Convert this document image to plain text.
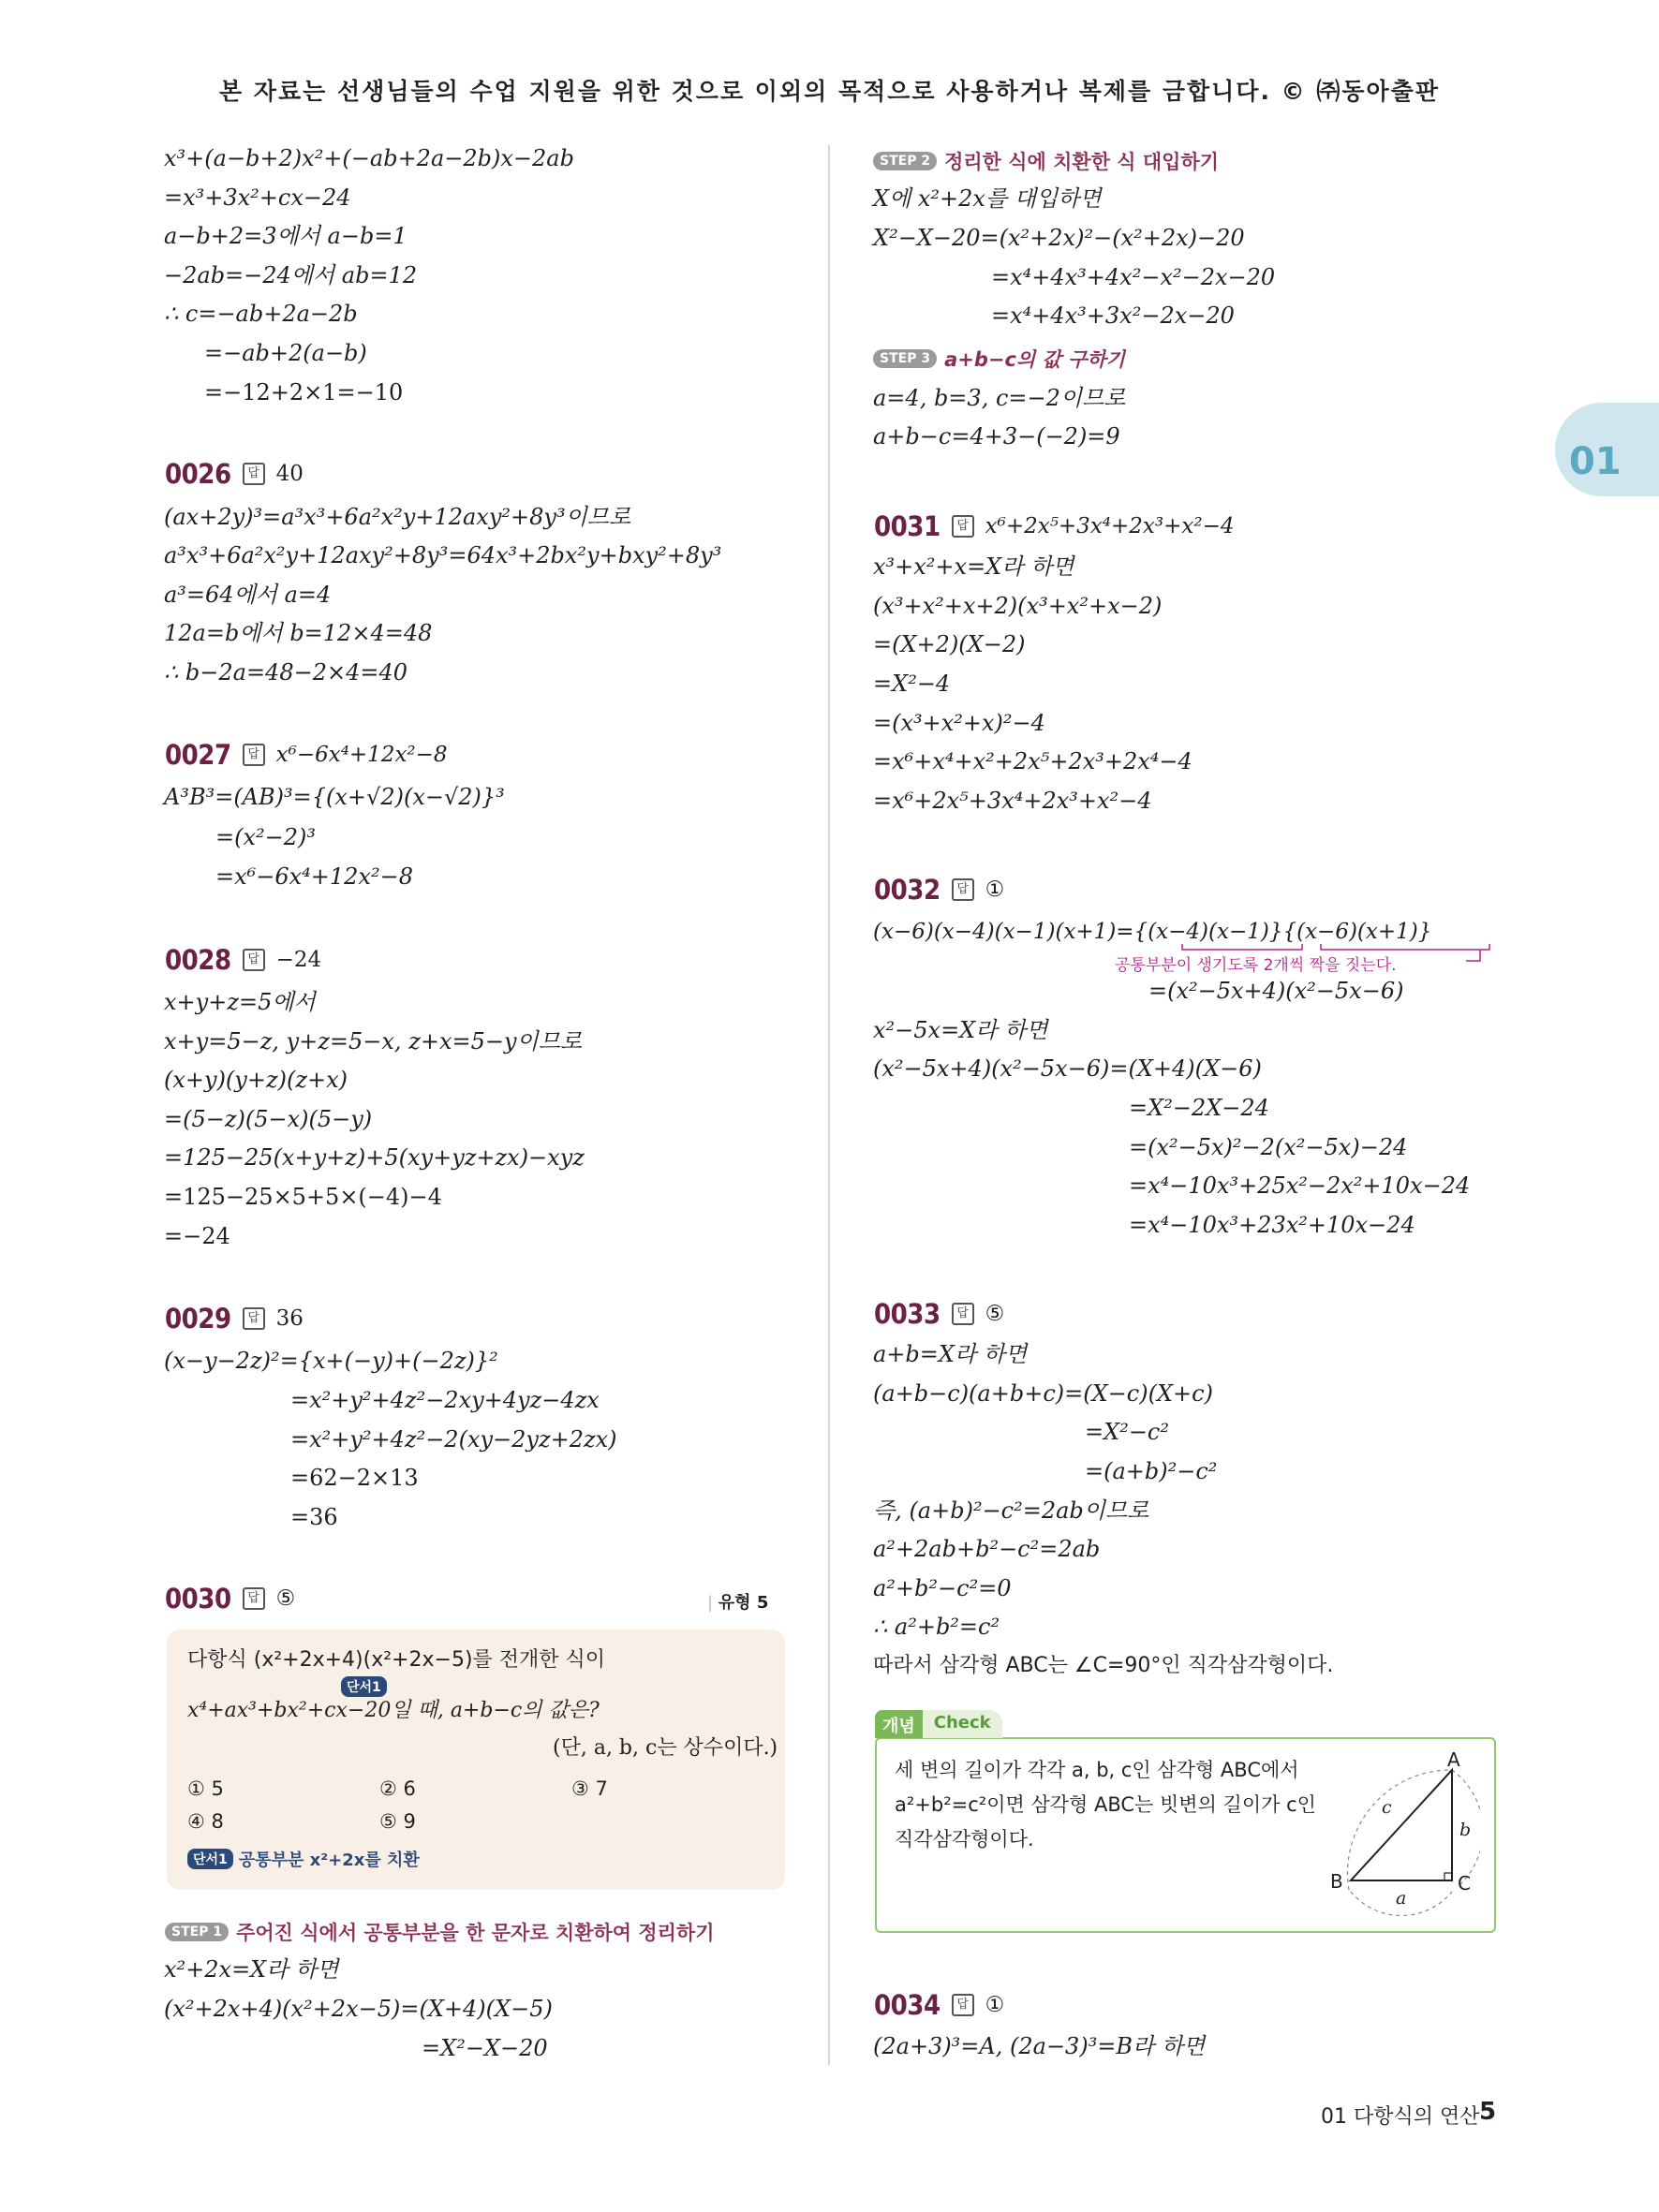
본 자료는 선생님들의 수업 지원을 위한 것으로 이외의 목적으로 사용하거나 복제를 금합니다. © ㈜동아출판
01
x³+(a−b+2)x²+(−ab+2a−2b)x−2ab
=x³+3x²+cx−24
a−b+2=3에서 a−b=1
−2ab=−24에서 ab=12
∴ c=−ab+2a−2b
=−ab+2(a−b)
=−12+2×1=−10
0026	답 40
(ax+2y)³=a³x³+6a²x²y+12axy²+8y³이므로
a³x³+6a²x²y+12axy²+8y³=64x³+2bx²y+bxy²+8y³
a³=64에서 a=4
12a=b에서 b=12×4=48
∴ b−2a=48−2×4=40
0027	답 x⁶−6x⁴+12x²−8
A³B³=(AB)³={(x+√2)(x−√2)}³
=(x²−2)³
=x⁶−6x⁴+12x²−8
0028	답 −24
x+y+z=5에서
x+y=5−z, y+z=5−x, z+x=5−y이므로
(x+y)(y+z)(z+x)
=(5−z)(5−x)(5−y)
=125−25(x+y+z)+5(xy+yz+zx)−xyz
=125−25×5+5×(−4)−4
=−24
0029	답 36
(x−y−2z)²={x+(−y)+(−2z)}²
=x²+y²+4z²−2xy+4yz−4zx
=x²+y²+4z²−2(xy−2yz+2zx)
=62−2×13
=36
0030	답 ⑤	| 유형 5
다항식 (x²+2x+4)(x²+2x−5)를 전개한 식이
단서1
x⁴+ax³+bx²+cx−20일 때, a+b−c의 값은?
(단, a, b, c는 상수이다.)
① 5	② 6	③ 7
④ 8	⑤ 9
단서1 공통부분 x²+2x를 치환
STEP 1 주어진 식에서 공통부분을 한 문자로 치환하여 정리하기
x²+2x=X라 하면
(x²+2x+4)(x²+2x−5)=(X+4)(X−5)
=X²−X−20
STEP 2 정리한 식에 치환한 식 대입하기
X에 x²+2x를 대입하면
X²−X−20=(x²+2x)²−(x²+2x)−20
=x⁴+4x³+4x²−x²−2x−20
=x⁴+4x³+3x²−2x−20
STEP 3 a+b−c의 값 구하기
a=4, b=3, c=−2이므로
a+b−c=4+3−(−2)=9
0031	답 x⁶+2x⁵+3x⁴+2x³+x²−4
x³+x²+x=X라 하면
(x³+x²+x+2)(x³+x²+x−2)
=(X+2)(X−2)
=X²−4
=(x³+x²+x)²−4
=x⁶+x⁴+x²+2x⁵+2x³+2x⁴−4
=x⁶+2x⁵+3x⁴+2x³+x²−4
0032	답 ①
(x−6)(x−4)(x−1)(x+1)={(x−4)(x−1)}{(x−6)(x+1)}
공통부분이 생기도록 2개씩 짝을 짓는다.
=(x²−5x+4)(x²−5x−6)
x²−5x=X라 하면
(x²−5x+4)(x²−5x−6)=(X+4)(X−6)
=X²−2X−24
=(x²−5x)²−2(x²−5x)−24
=x⁴−10x³+25x²−2x²+10x−24
=x⁴−10x³+23x²+10x−24
0033	답 ⑤
a+b=X라 하면
(a+b−c)(a+b+c)=(X−c)(X+c)
=X²−c²
=(a+b)²−c²
즉, (a+b)²−c²=2ab이므로
a²+2ab+b²−c²=2ab
a²+b²−c²=0
∴ a²+b²=c²
따라서 삼각형 ABC는 ∠C=90°인 직각삼각형이다.
개념	Check
세 변의 길이가 각각 a, b, c인 삼각형 ABC에서
a²+b²=c²이면 삼각형 ABC는 빗변의 길이가 c인
직각삼각형이다.
A
B	C
a
b
c
0034	답 ①
(2a+3)³=A, (2a−3)³=B라 하면
01 다항식의 연산 5
